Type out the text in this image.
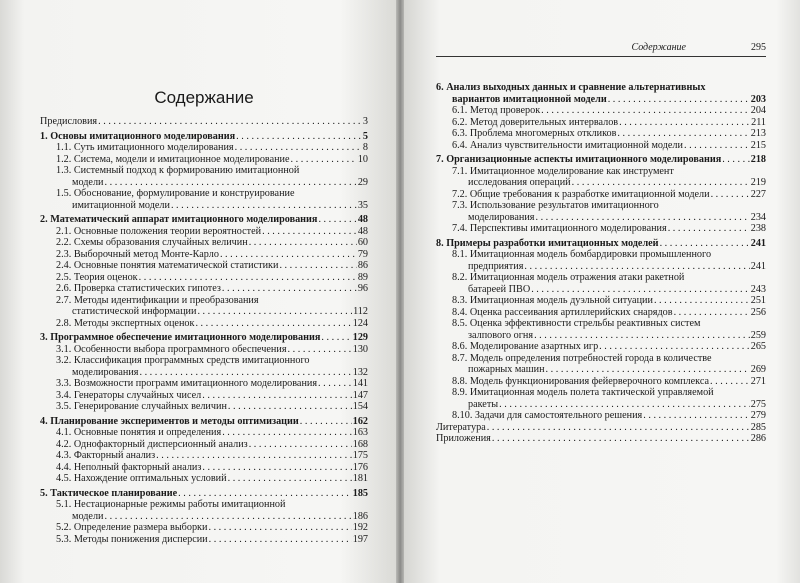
Содержание
Предисловия . . .	3
1. Основы имитационного моделирования . . .	5
1.1. Суть имитационного моделирования . . .	8
1.2. Система, модели и имитационное моделирование . . .	10
1.3. Системный подход к формированию имитационной
модели . . .	29
1.5. Обоснование, формулирование и конструирование
имитационной модели . . .	35
2. Математический аппарат имитационного моделирования . . .	48
2.1. Основные положения теории вероятностей . . .	48
2.2. Схемы образования случайных величин . . .	60
2.3. Выборочный метод Монте-Карло . . .	79
2.4. Основные понятия математической статистики . . .	86
2.5. Теория оценок . . .	89
2.6. Проверка статистических гипотез . . .	96
2.7. Методы идентификации и преобразования
статистической информации . . .	112
2.8. Методы экспертных оценок . . .	124
3. Программное обеспечение имитационного моделирования . . .	129
3.1. Особенности выбора программного обеспечения . . .	130
3.2. Классификация программных средств имитационного
моделирования . . .	132
3.3. Возможности программ имитационного моделирования . . .	141
3.4. Генераторы случайных чисел . . .	147
3.5. Генерирование случайных величин . . .	154
4. Планирование экспериментов и методы оптимизации . . .	162
4.1. Основные понятия и определения . . .	163
4.2. Однофакторный дисперсионный анализ . . .	168
4.3. Факторный анализ . . .	175
4.4. Неполный факторный анализ . . .	176
4.5. Нахождение оптимальных условий . . .	181
5. Тактическое планирование . . .	185
5.1. Нестационарные режимы работы имитационной
модели . . .	186
5.2. Определение размера выборки . . .	192
5.3. Методы понижения дисперсии . . .	197
Содержание	295
6. Анализ выходных данных и сравнение альтернативных
вариантов имитационной модели . . .	203
6.1. Метод проверок . . .	204
6.2. Метод доверительных интервалов . . .	211
6.3. Проблема многомерных откликов . . .	213
6.4. Анализ чувствительности имитационной модели . . .	215
7. Организационные аспекты имитационного моделирования . . .	218
7.1. Имитационное моделирование как инструмент
исследования операций . . .	219
7.2. Общие требования к разработке имитационной модели . . .	227
7.3. Использование результатов имитационного
моделирования . . .	234
7.4. Перспективы имитационного моделирования . . .	238
8. Примеры разработки имитационных моделей . . .	241
8.1. Имитационная модель бомбардировки промышленного
предприятия . . .	241
8.2. Имитационная модель отражения атаки ракетной
батареей ПВО . . .	243
8.3. Имитационная модель дуэльной ситуации . . .	251
8.4. Оценка рассеивания артиллерийских снарядов . . .	256
8.5. Оценка эффективности стрельбы реактивных систем
залпового огня . . .	259
8.6. Моделирование азартных игр . . .	265
8.7. Модель определения потребностей города в количестве
пожарных машин . . .	269
8.8. Модель функционирования фейерверочного комплекса . . .	271
8.9. Имитационная модель полета тактической управляемой
ракеты . . .	275
8.10. Задачи для самостоятельного решения . . .	279
Литература . . .	285
Приложения . . .	286
